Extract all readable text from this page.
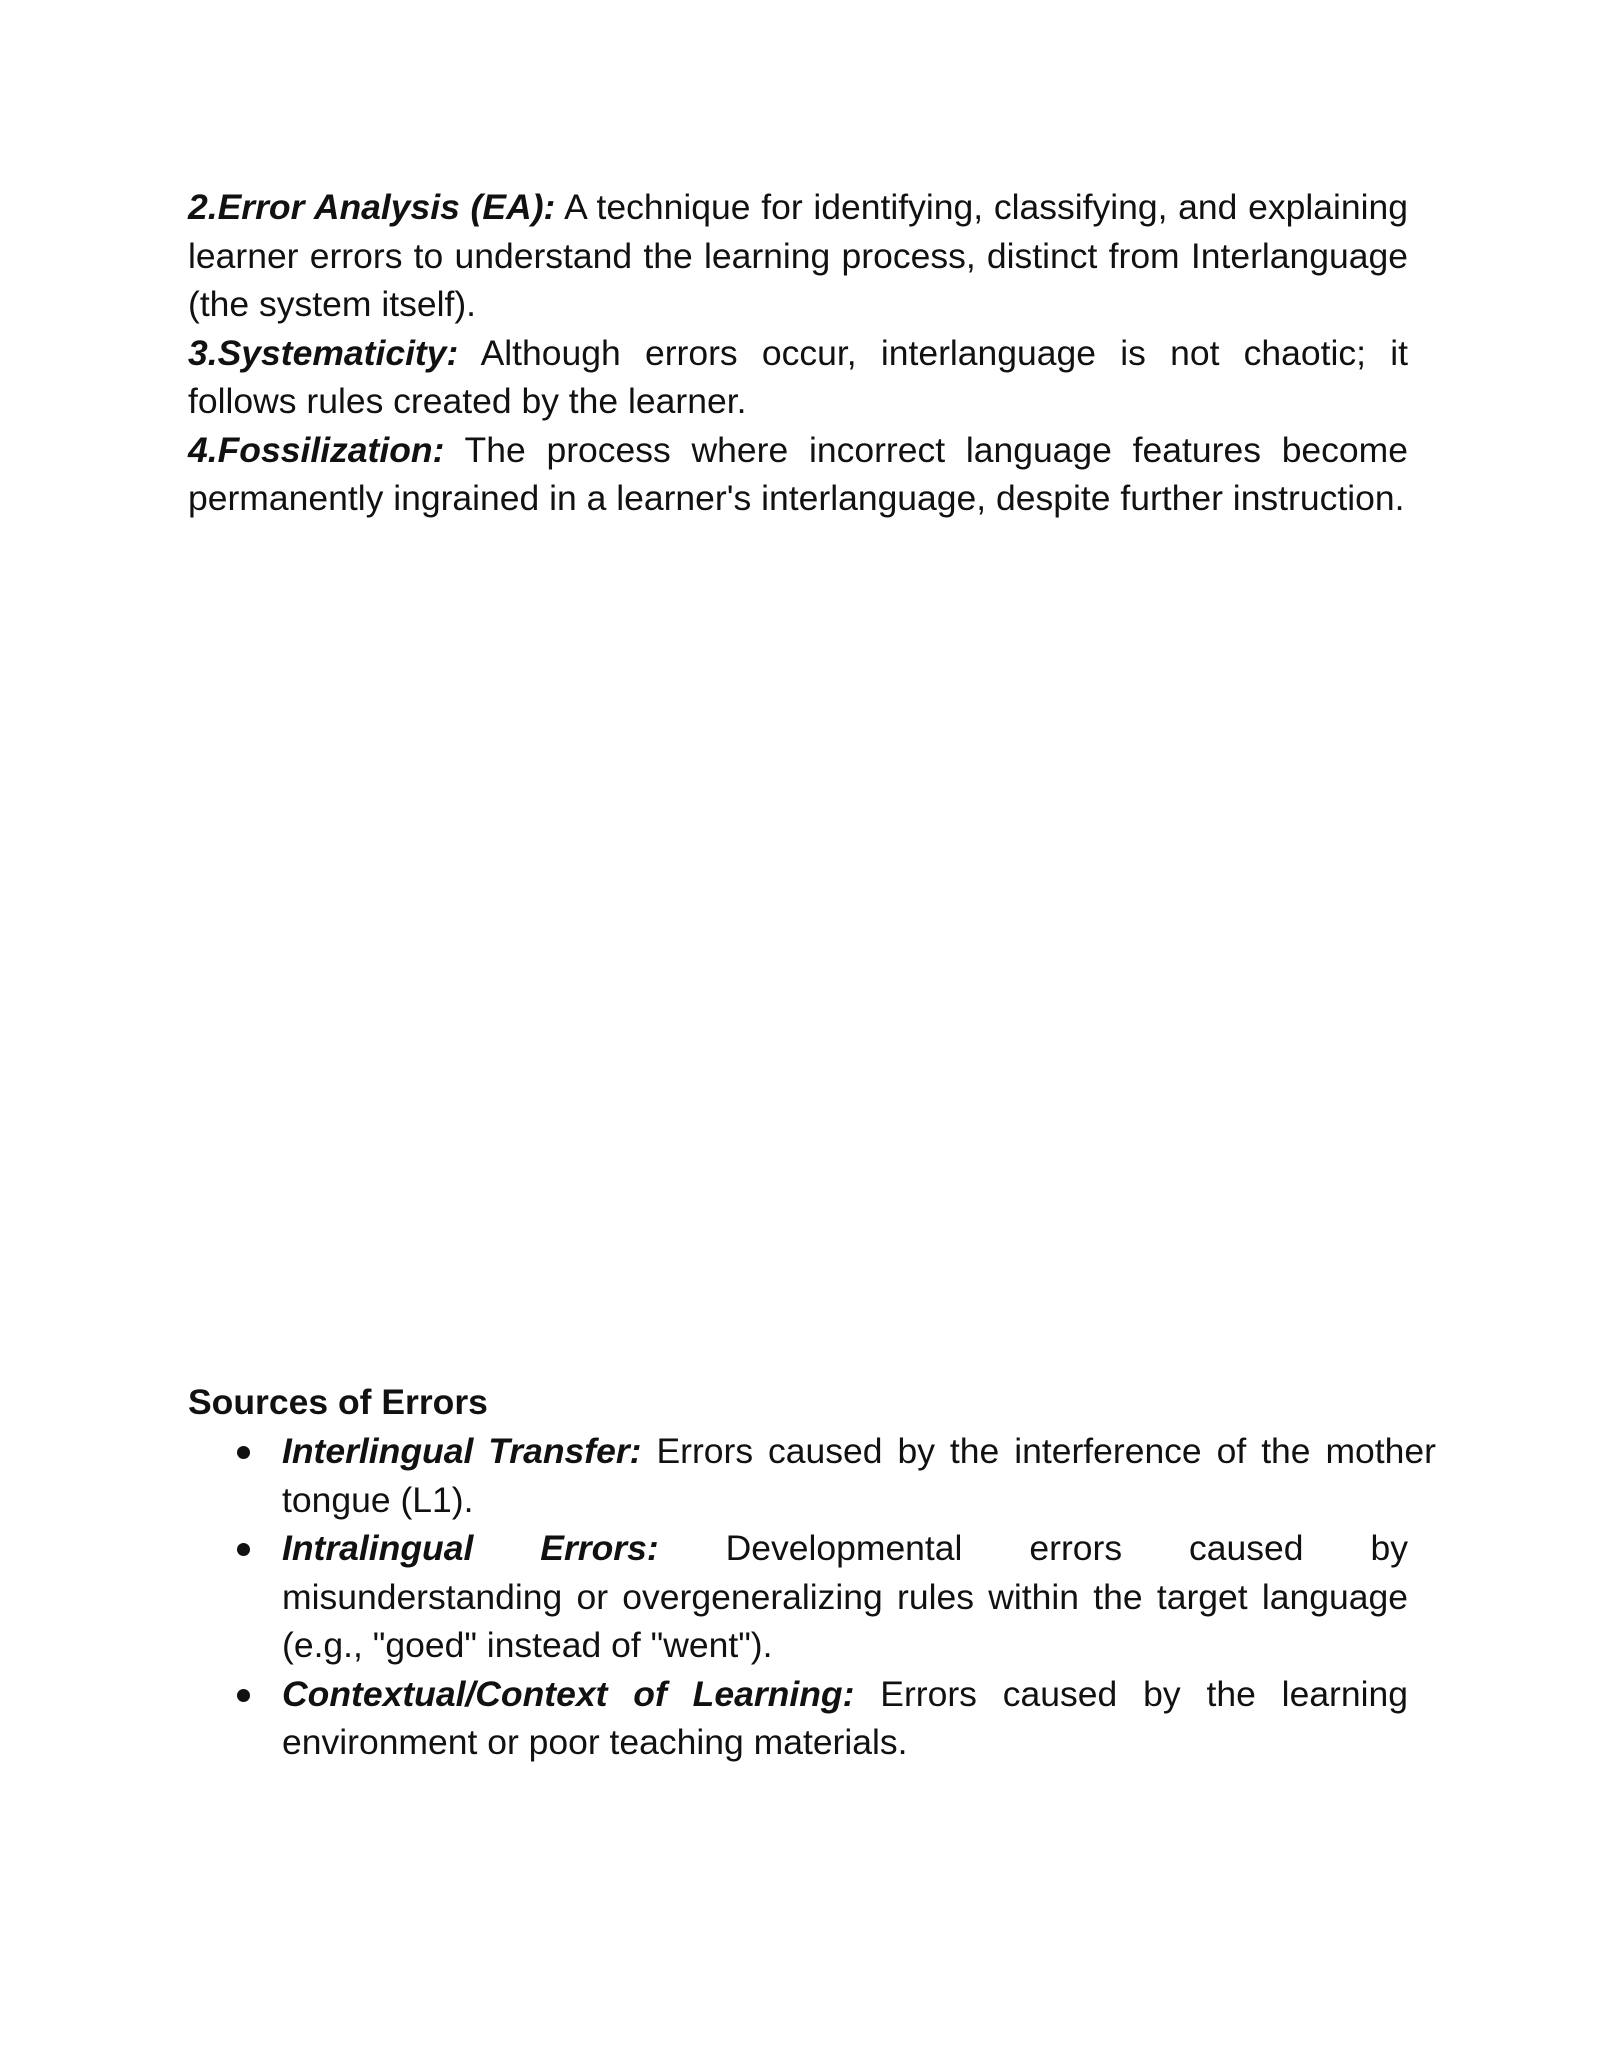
2.Error Analysis (EA): A technique for identifying, classifying, and explaining learner errors to understand the learning process, distinct from Interlanguage (the system itself).

3.Systematicity: Although errors occur, interlanguage is not chaotic; it follows rules created by the learner.

4.Fossilization: The process where incorrect language features become permanently ingrained in a learner's interlanguage, despite further instruction.

Sources of Errors
Interlingual Transfer: Errors caused by the interference of the mother tongue (L1).
Intralingual Errors: Developmental errors caused by misunderstanding or overgeneralizing rules within the target language (e.g., "goed" instead of "went").
Contextual/Context of Learning: Errors caused by the learning environment or poor teaching materials.
